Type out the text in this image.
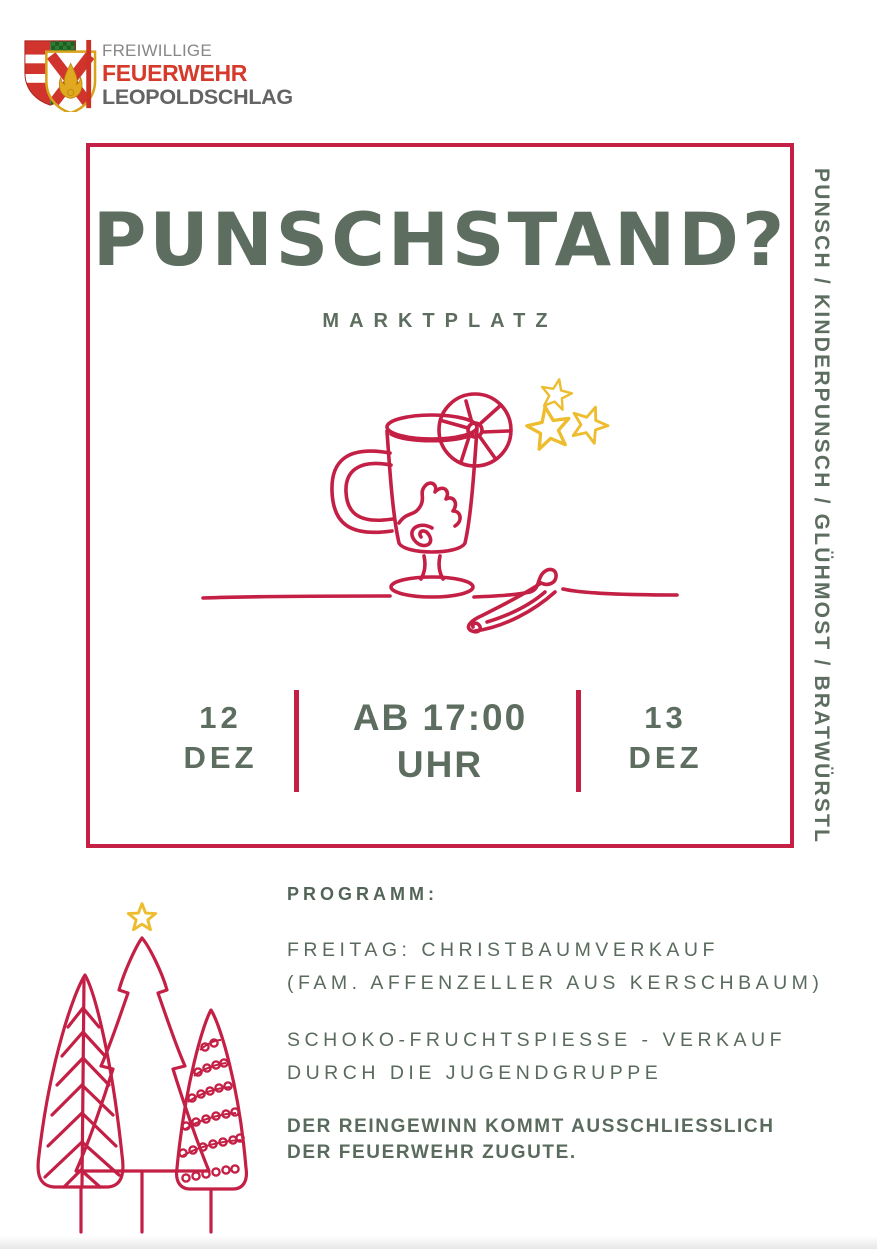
FREIWILLIGE
FEUERWEHR
LEOPOLDSCHLAG
PUNSCHSTAND?
MARKTPLATZ
12
DEZ
AB 17:00
UHR
13
DEZ	PUNSCH / KINDERPUNSCH / GLÜHMOST / BRATWÜRSTL
PROGRAMM:
FREITAG: CHRISTBAUMVERKAUF
(FAM. AFFENZELLER AUS KERSCHBAUM)
SCHOKO-FRUCHTSPIESSE - VERKAUF
DURCH DIE JUGENDGRUPPE
DER REINGEWINN KOMMT AUSSCHLIESSLICH
DER FEUERWEHR ZUGUTE.
